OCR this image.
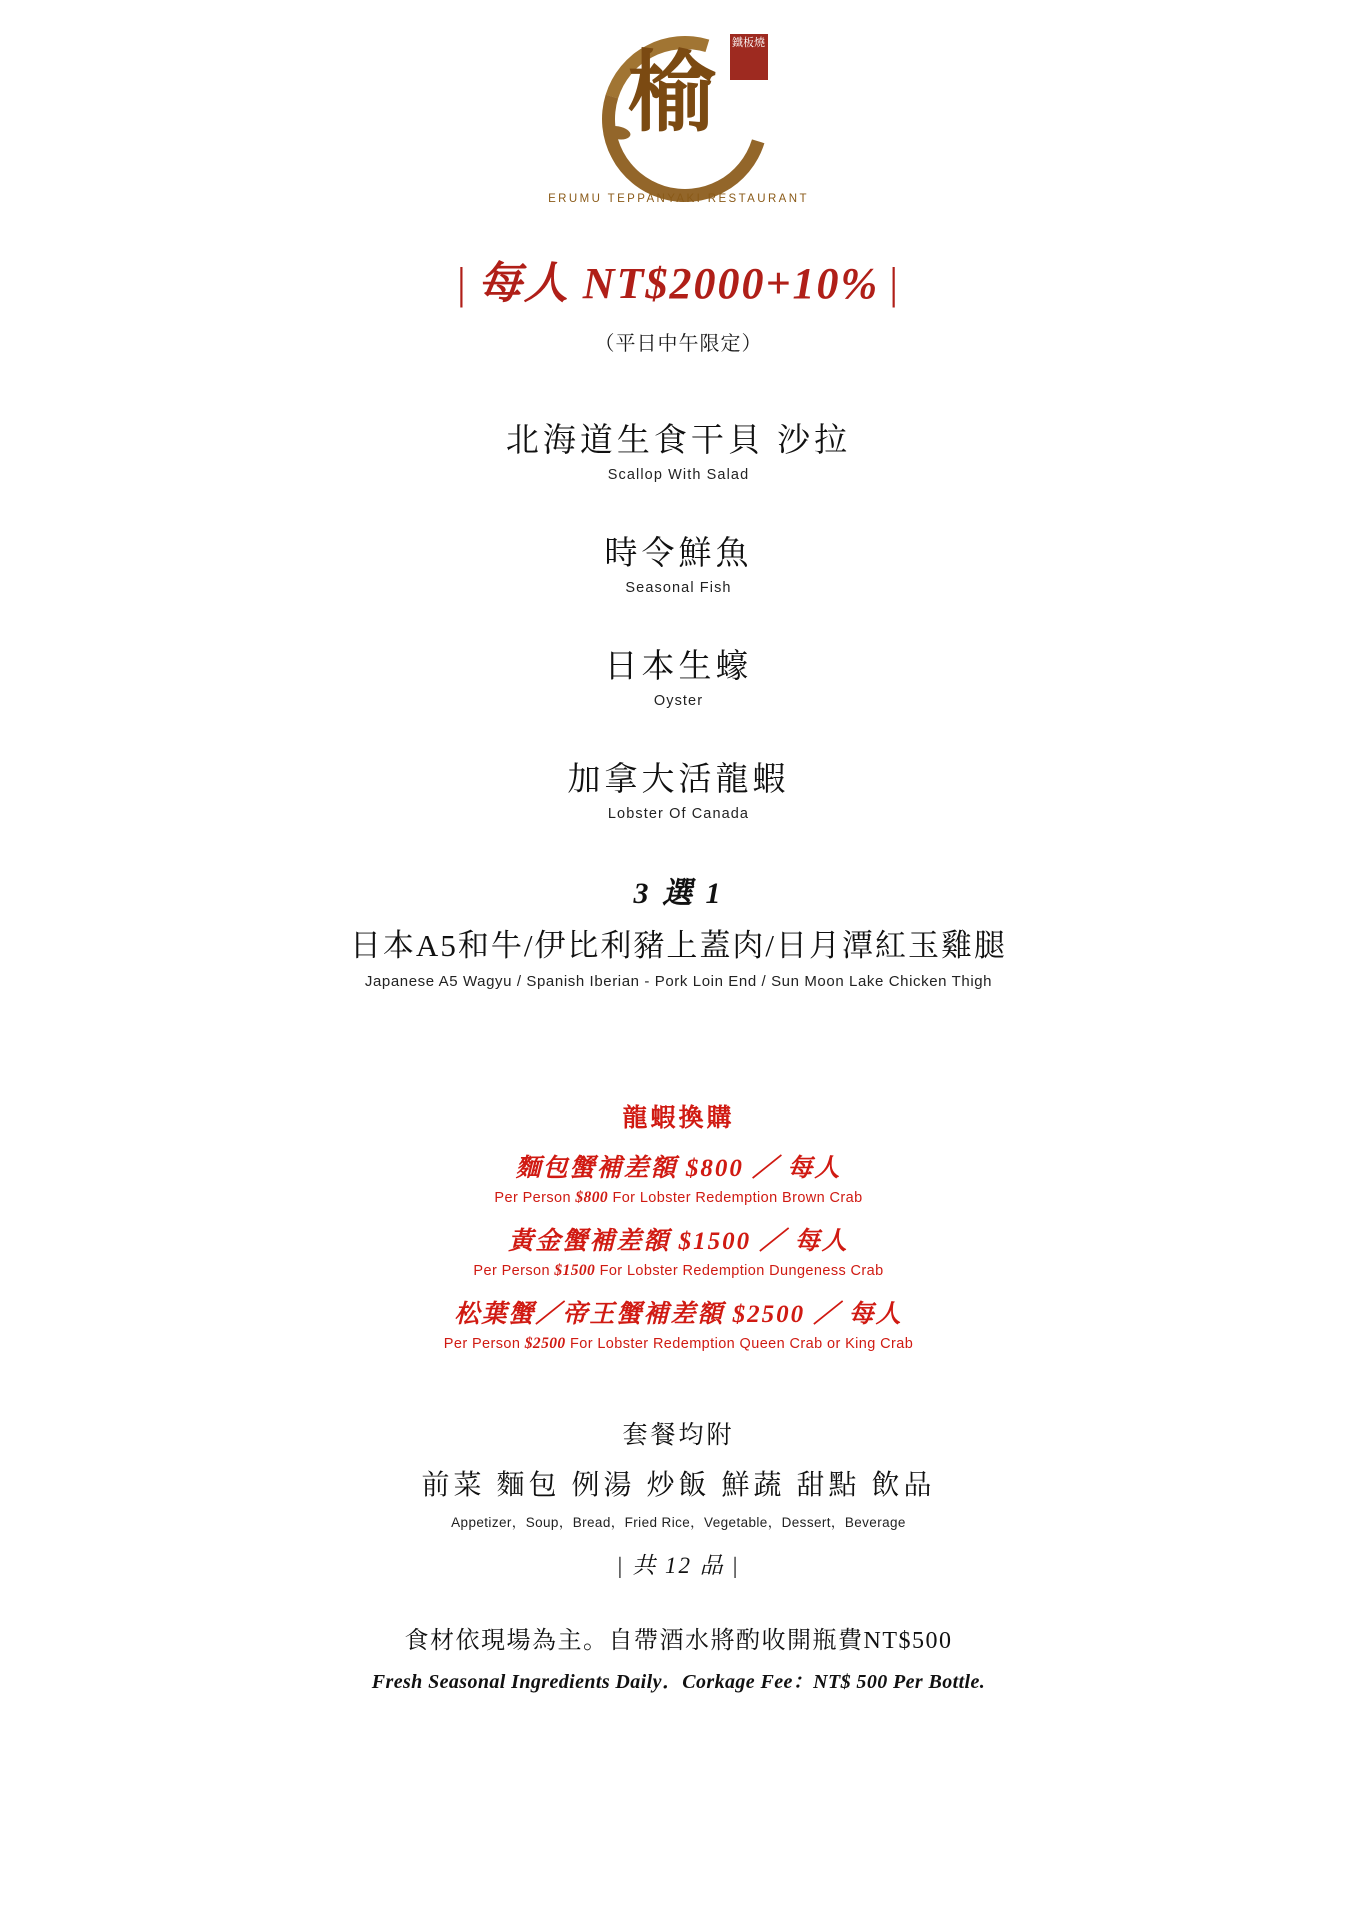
榆
鐵板燒
ERUMU TEPPANYAKI RESTAURANT
| 每人 NT$2000+10% |
（平日中午限定）
北海道生食干貝 沙拉
Scallop With Salad
時令鮮魚
Seasonal Fish
日本生蠔
Oyster
加拿大活龍蝦
Lobster Of Canada
3 選 1
日本A5和牛/伊比利豬上蓋肉/日月潭紅玉雞腿
Japanese A5 Wagyu / Spanish Iberian - Pork Loin End / Sun Moon Lake Chicken Thigh
龍蝦換購
麵包蟹補差額 $800 ／ 每人
Per Person $800 For Lobster Redemption Brown Crab
黃金蟹補差額 $1500 ／ 每人
Per Person $1500 For Lobster Redemption Dungeness Crab
松葉蟹／帝王蟹補差額 $2500 ／ 每人
Per Person $2500 For Lobster Redemption Queen Crab or King Crab
套餐均附
前菜 麵包 例湯 炒飯 鮮蔬 甜點 飲品
Appetizer，Soup，Bread，Fried Rice，Vegetable，Dessert，Beverage
| 共 12 品 |
食材依現場為主。自帶酒水將酌收開瓶費NT$500
Fresh Seasonal Ingredients Daily．Corkage Fee：NT$ 500 Per Bottle.
